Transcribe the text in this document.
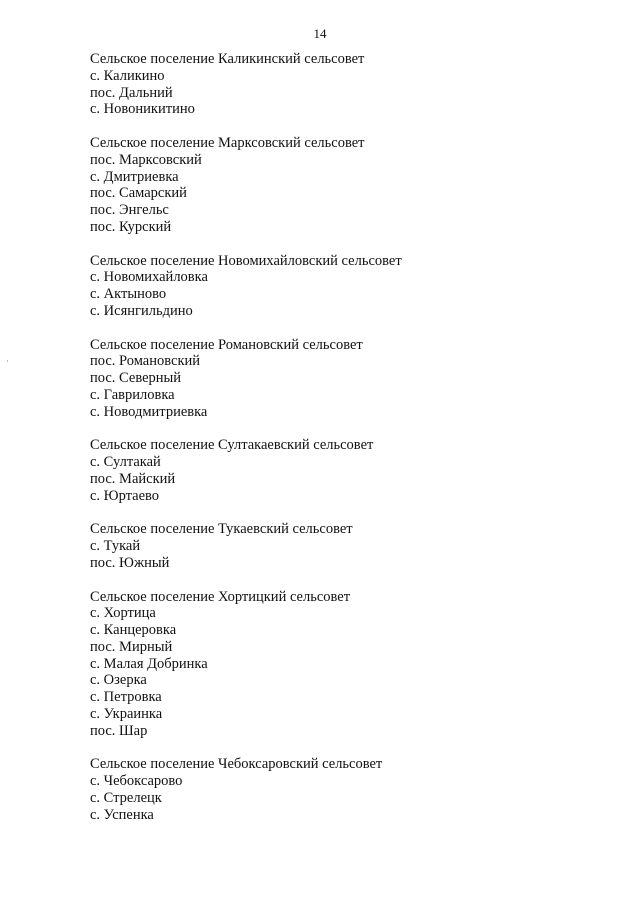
14
Сельское поселение Каликинский сельсовет
с. Каликино
пос. Дальний
с. Новоникитино
Сельское поселение Марксовский сельсовет
пос. Марксовский
с. Дмитриевка
пос. Самарский
пос. Энгельс
пос. Курский
Сельское поселение Новомихайловский сельсовет
с. Новомихайловка
с. Актыново
с. Исянгильдино
Сельское поселение Романовский сельсовет
пос. Романовский
пос. Северный
с. Гавриловка
с. Новодмитриевка
Сельское поселение Султакаевский сельсовет
с. Султакай
пос. Майский
с. Юртаево
Сельское поселение Тукаевский сельсовет
с. Тукай
пос. Южный
Сельское поселение Хортицкий сельсовет
с. Хортица
с. Канцеровка
пос. Мирный
с. Малая Добринка
с. Озерка
с. Петровка
с. Украинка
пос. Шар
Сельское поселение Чебоксаровский сельсовет
с. Чебоксарово
с. Стрелецк
с. Успенка
